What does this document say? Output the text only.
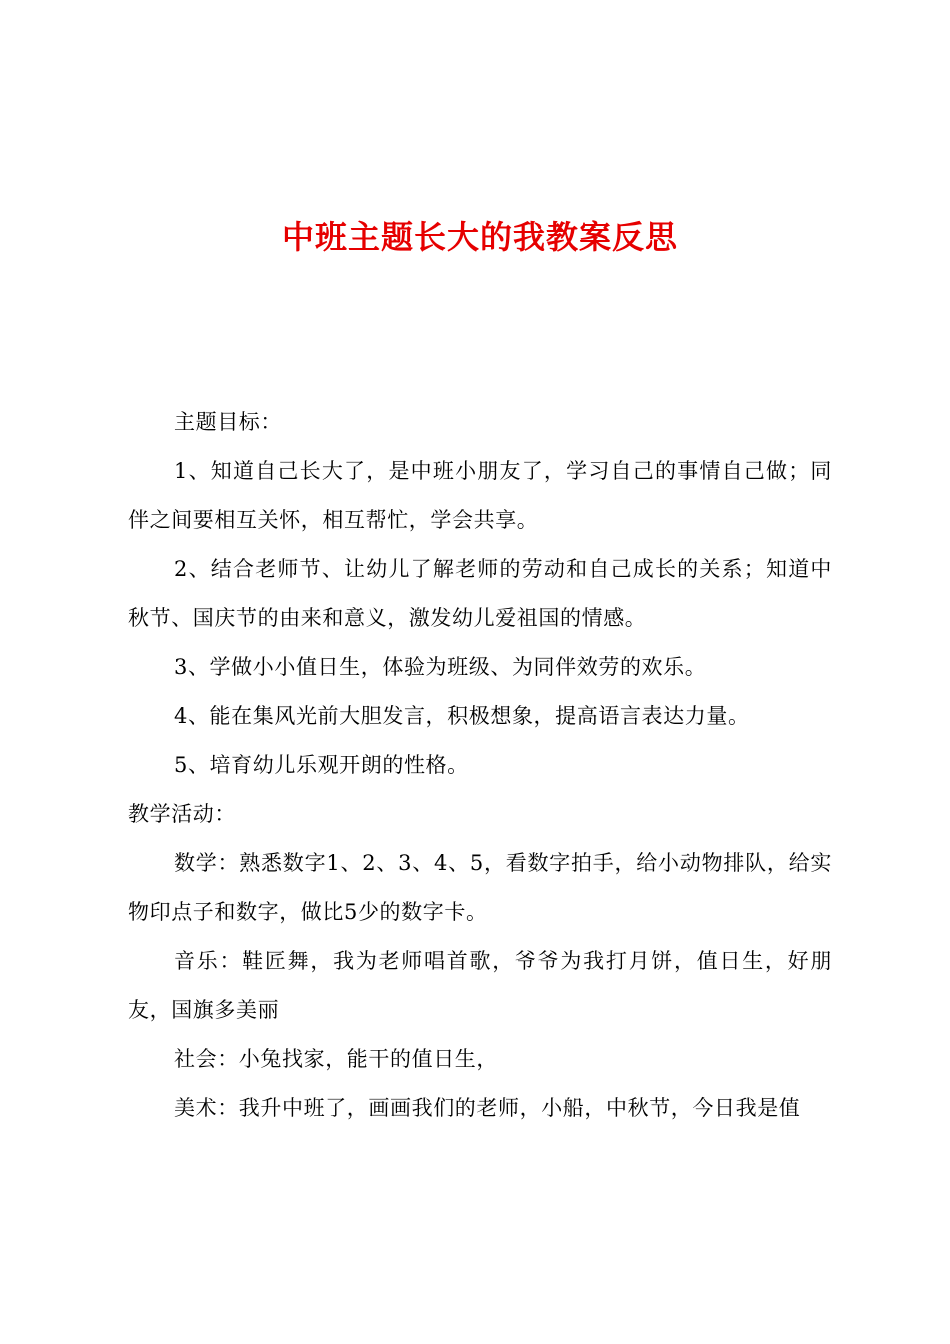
中班主题长大的我教案反思

主题目标：

1、知道自己长大了，是中班小朋友了，学习自己的事情自己做；同伴之间要相互关怀，相互帮忙，学会共享。

2、结合老师节、让幼儿了解老师的劳动和自己成长的关系；知道中秋节、国庆节的由来和意义，激发幼儿爱祖国的情感。

3、学做小小值日生，体验为班级、为同伴效劳的欢乐。

4、能在集风光前大胆发言，积极想象，提高语言表达力量。

5、培育幼儿乐观开朗的性格。

教学活动：

数学：熟悉数字1、2、3、4、5，看数字拍手，给小动物排队，给实物印点子和数字，做比5少的数字卡。

音乐：鞋匠舞，我为老师唱首歌，爷爷为我打月饼，值日生，好朋友，国旗多美丽

社会：小兔找家，能干的值日生，

美术：我升中班了，画画我们的老师，小船，中秋节，今日我是值
